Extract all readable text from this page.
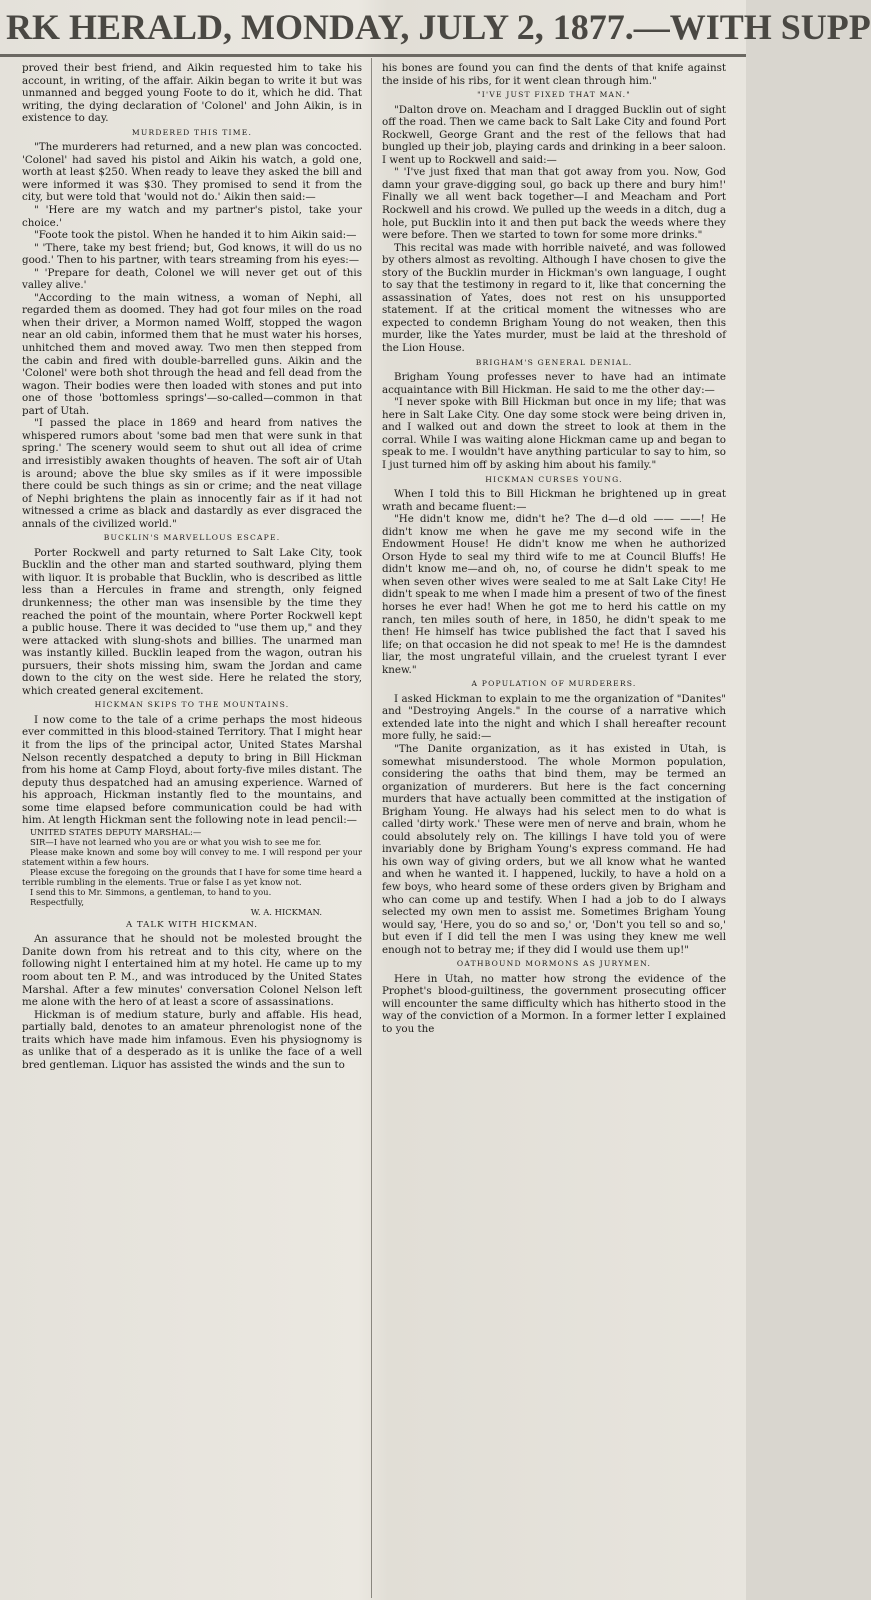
RK HERALD, MONDAY, JULY 2, 1877.—WITH SUPP

proved their best friend, and Aikin requested him to take his account, in writing, of the affair. Aikin began to write it but was unmanned and begged young Foote to do it, which he did. That writing, the dying declaration of 'Colonel' and John Aikin, is in existence to day.

MURDERED THIS TIME.

"The murderers had returned, and a new plan was concocted. 'Colonel' had saved his pistol and Aikin his watch, a gold one, worth at least $250. When ready to leave they asked the bill and were informed it was $30. They promised to send it from the city, but were told that 'would not do.' Aikin then said:—

" 'Here are my watch and my partner's pistol, take your choice.'

"Foote took the pistol. When he handed it to him Aikin said:—

" 'There, take my best friend; but, God knows, it will do us no good.' Then to his partner, with tears streaming from his eyes:—

" 'Prepare for death, Colonel we will never get out of this valley alive.'

"According to the main witness, a woman of Nephi, all regarded them as doomed. They had got four miles on the road when their driver, a Mormon named Wolff, stopped the wagon near an old cabin, informed them that he must water his horses, unhitched them and moved away. Two men then stepped from the cabin and fired with double-barrelled guns. Aikin and the 'Colonel' were both shot through the head and fell dead from the wagon. Their bodies were then loaded with stones and put into one of those 'bottomless springs'—so-called—common in that part of Utah.

"I passed the place in 1869 and heard from natives the whispered rumors about 'some bad men that were sunk in that spring.' The scenery would seem to shut out all idea of crime and irresistibly awaken thoughts of heaven. The soft air of Utah is around; above the blue sky smiles as if it were impossible there could be such things as sin or crime; and the neat village of Nephi brightens the plain as innocently fair as if it had not witnessed a crime as black and dastardly as ever disgraced the annals of the civilized world."

BUCKLIN'S MARVELLOUS ESCAPE.

Porter Rockwell and party returned to Salt Lake City, took Bucklin and the other man and started southward, plying them with liquor. It is probable that Bucklin, who is described as little less than a Hercules in frame and strength, only feigned drunkenness; the other man was insensible by the time they reached the point of the mountain, where Porter Rockwell kept a public house. There it was decided to "use them up," and they were attacked with slung-shots and billies. The unarmed man was instantly killed. Bucklin leaped from the wagon, outran his pursuers, their shots missing him, swam the Jordan and came down to the city on the west side. Here he related the story, which created general excitement.

HICKMAN SKIPS TO THE MOUNTAINS.

I now come to the tale of a crime perhaps the most hideous ever committed in this blood-stained Territory. That I might hear it from the lips of the principal actor, United States Marshal Nelson recently despatched a deputy to bring in Bill Hickman from his home at Camp Floyd, about forty-five miles distant. The deputy thus despatched had an amusing experience. Warned of his approach, Hickman instantly fled to the mountains, and some time elapsed before communication could be had with him. At length Hickman sent the following note in lead pencil:—

UNITED STATES DEPUTY MARSHAL:—

SIR—I have not learned who you are or what you wish to see me for.

Please make known and some boy will convey to me. I will respond per your statement within a few hours.

Please excuse the foregoing on the grounds that I have for some time heard a terrible rumbling in the elements. True or false I as yet know not.

I send this to Mr. Simmons, a gentleman, to hand to you.

Respectfully,

W. A. HICKMAN.

A TALK WITH HICKMAN.

An assurance that he should not be molested brought the Danite down from his retreat and to this city, where on the following night I entertained him at my hotel. He came up to my room about ten P. M., and was introduced by the United States Marshal. After a few minutes' conversation Colonel Nelson left me alone with the hero of at least a score of assassinations.

Hickman is of medium stature, burly and affable. His head, partially bald, denotes to an amateur phrenologist none of the traits which have made him infamous. Even his physiognomy is as unlike that of a desperado as it is unlike the face of a well bred gentleman. Liquor has assisted the winds and the sun to

his bones are found you can find the dents of that knife against the inside of his ribs, for it went clean through him."

"I'VE JUST FIXED THAT MAN."

"Dalton drove on. Meacham and I dragged Bucklin out of sight off the road. Then we came back to Salt Lake City and found Port Rockwell, George Grant and the rest of the fellows that had bungled up their job, playing cards and drinking in a beer saloon. I went up to Rockwell and said:—

" 'I've just fixed that man that got away from you. Now, God damn your grave-digging soul, go back up there and bury him!' Finally we all went back together—I and Meacham and Port Rockwell and his crowd. We pulled up the weeds in a ditch, dug a hole, put Bucklin into it and then put back the weeds where they were before. Then we started to town for some more drinks."

This recital was made with horrible naiveté, and was followed by others almost as revolting. Although I have chosen to give the story of the Bucklin murder in Hickman's own language, I ought to say that the testimony in regard to it, like that concerning the assassination of Yates, does not rest on his unsupported statement. If at the critical moment the witnesses who are expected to condemn Brigham Young do not weaken, then this murder, like the Yates murder, must be laid at the threshold of the Lion House.

BRIGHAM'S GENERAL DENIAL.

Brigham Young professes never to have had an intimate acquaintance with Bill Hickman. He said to me the other day:—

"I never spoke with Bill Hickman but once in my life; that was here in Salt Lake City. One day some stock were being driven in, and I walked out and down the street to look at them in the corral. While I was waiting alone Hickman came up and began to speak to me. I wouldn't have anything particular to say to him, so I just turned him off by asking him about his family."

HICKMAN CURSES YOUNG.

When I told this to Bill Hickman he brightened up in great wrath and became fluent:—

"He didn't know me, didn't he? The d—d old —— ——! He didn't know me when he gave me my second wife in the Endowment House! He didn't know me when he authorized Orson Hyde to seal my third wife to me at Council Bluffs! He didn't know me—and oh, no, of course he didn't speak to me when seven other wives were sealed to me at Salt Lake City! He didn't speak to me when I made him a present of two of the finest horses he ever had! When he got me to herd his cattle on my ranch, ten miles south of here, in 1850, he didn't speak to me then! He himself has twice published the fact that I saved his life; on that occasion he did not speak to me! He is the damndest liar, the most ungrateful villain, and the cruelest tyrant I ever knew."

A POPULATION OF MURDERERS.

I asked Hickman to explain to me the organization of "Danites" and "Destroying Angels." In the course of a narrative which extended late into the night and which I shall hereafter recount more fully, he said:—

"The Danite organization, as it has existed in Utah, is somewhat misunderstood. The whole Mormon population, considering the oaths that bind them, may be termed an organization of murderers. But here is the fact concerning murders that have actually been committed at the instigation of Brigham Young. He always had his select men to do what is called 'dirty work.' These were men of nerve and brain, whom he could absolutely rely on. The killings I have told you of were invariably done by Brigham Young's express command. He had his own way of giving orders, but we all know what he wanted and when he wanted it. I happened, luckily, to have a hold on a few boys, who heard some of these orders given by Brigham and who can come up and testify. When I had a job to do I always selected my own men to assist me. Sometimes Brigham Young would say, 'Here, you do so and so,' or, 'Don't you tell so and so,' but even if I did tell the men I was using they knew me well enough not to betray me; if they did I would use them up!"

OATHBOUND MORMONS AS JURYMEN.

Here in Utah, no matter how strong the evidence of the Prophet's blood-guiltiness, the government prosecuting officer will encounter the same difficulty which has hitherto stood in the way of the conviction of a Mormon. In a former letter I explained to you the
